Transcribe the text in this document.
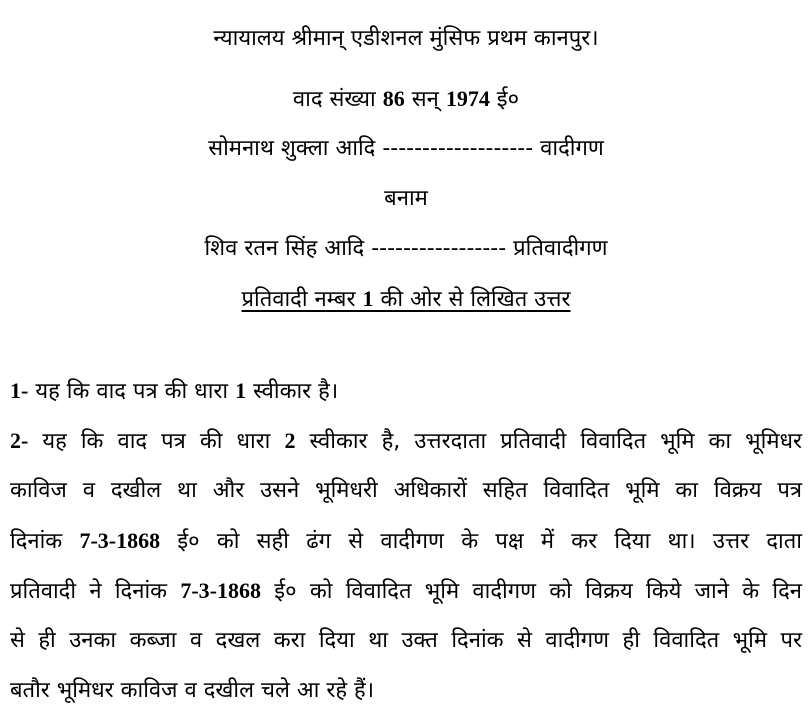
न्यायालय श्रीमान् एडीशनल मुंसिफ प्रथम कानपुर।
वाद संख्या 86 सन् 1974 ई०
सोमनाथ शुक्ला आदि ------------------- वादीगण
बनाम
शिव रतन सिंह आदि ----------------- प्रतिवादीगण
प्रतिवादी नम्बर 1 की ओर से लिखित उत्तर
1- यह कि वाद पत्र की धारा 1 स्वीकार है।
2- यह कि वाद पत्र की धारा 2 स्वीकार है, उत्तरदाता प्रतिवादी विवादित भूमि का भूमिधर
काविज व दखील था और उसने भूमिधरी अधिकारों सहित विवादित भूमि का विक्रय पत्र
दिनांक 7-3-1868 ई० को सही ढंग से वादीगण के पक्ष में कर दिया था। उत्तर दाता
प्रतिवादी ने दिनांक 7-3-1868 ई० को विवादित भूमि वादीगण को विक्रय किये जाने के दिन
से ही उनका कब्जा व दखल करा दिया था उक्त दिनांक से वादीगण ही विवादित भूमि पर
बतौर भूमिधर काविज व दखील चले आ रहे हैं।
